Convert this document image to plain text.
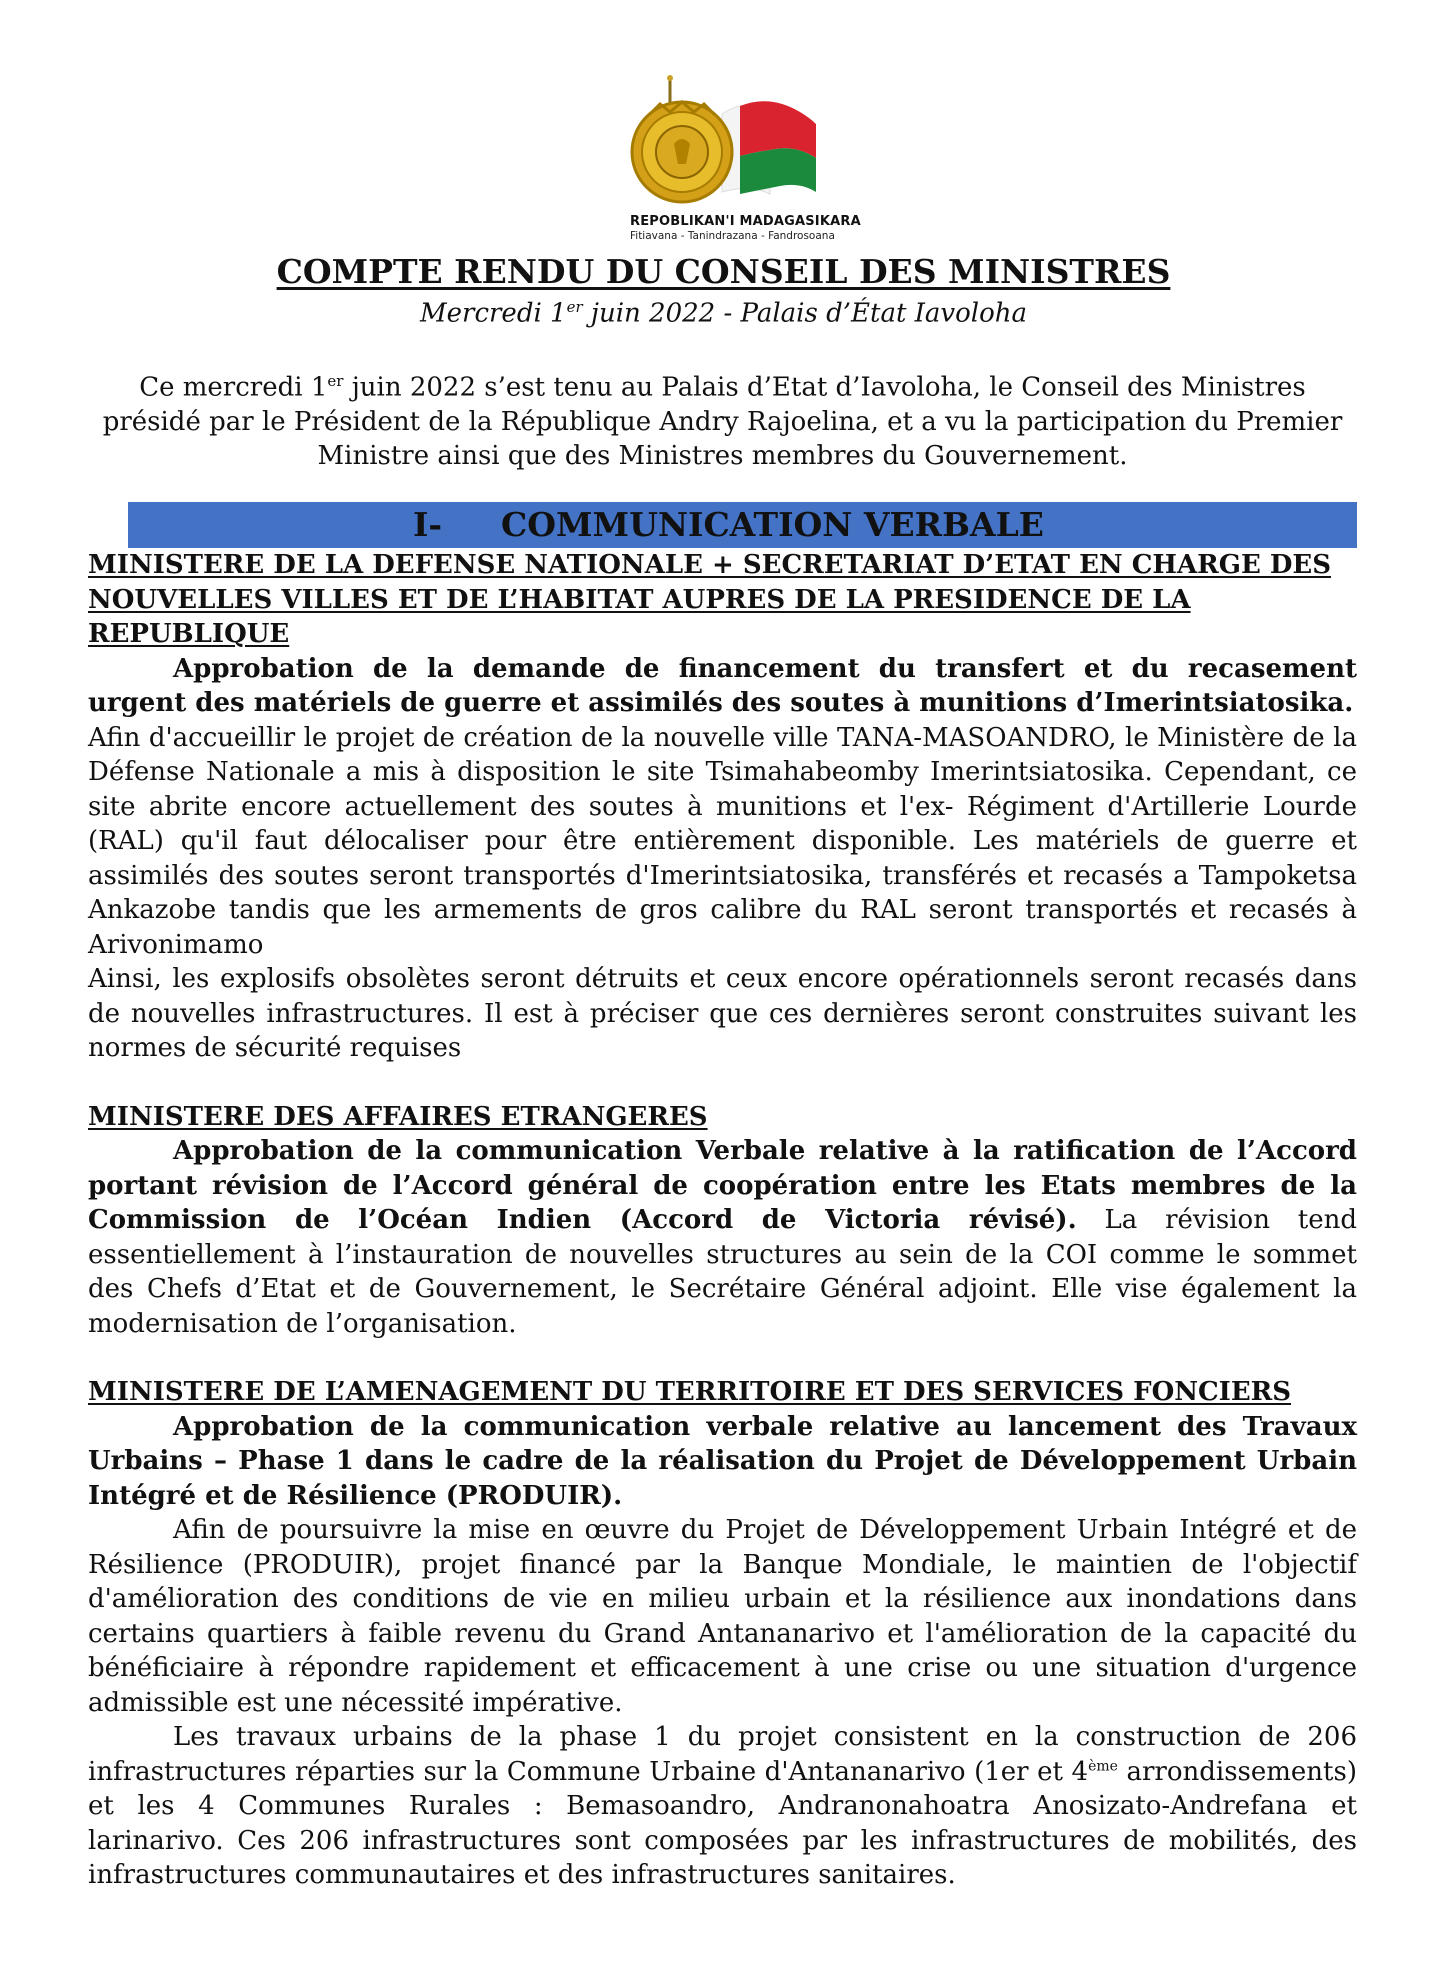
REPOBLIKAN'I MADAGASIKARA
Fitiavana - Tanindrazana - Fandrosoana
COMPTE RENDU DU CONSEIL DES MINISTRES
Mercredi 1er juin 2022 - Palais d’État Iavoloha
Ce mercredi 1er juin 2022 s’est tenu au Palais d’Etat d’Iavoloha, le Conseil des Ministres présidé par le Président de la République Andry Rajoelina, et a vu la participation du Premier Ministre ainsi que des Ministres membres du Gouvernement.
I- COMMUNICATION VERBALE

MINISTERE DE LA DEFENSE NATIONALE + SECRETARIAT D’ETAT EN CHARGE DES NOUVELLES VILLES ET DE L’HABITAT AUPRES DE LA PRESIDENCE DE LA REPUBLIQUE

Approbation de la demande de financement du transfert et du recasement urgent des matériels de guerre et assimilés des soutes à munitions d’Imerintsiatosika.

Afin d'accueillir le projet de création de la nouvelle ville TANA-MASOANDRO, le Ministère de la Défense Nationale a mis à disposition le site Tsimahabeomby Imerintsiatosika. Cependant, ce site abrite encore actuellement des soutes à munitions et l'ex- Régiment d'Artillerie Lourde (RAL) qu'il faut délocaliser pour être entièrement disponible. Les matériels de guerre et assimilés des soutes seront transportés d'Imerintsiatosika, transférés et recasés a Tampoketsa Ankazobe tandis que les armements de gros calibre du RAL seront transportés et recasés à Arivonimamo

Ainsi, les explosifs obsolètes seront détruits et ceux encore opérationnels seront recasés dans de nouvelles infrastructures. Il est à préciser que ces dernières seront construites suivant les normes de sécurité requises

MINISTERE DES AFFAIRES ETRANGERES

Approbation de la communication Verbale relative à la ratification de l’Accord portant révision de l’Accord général de coopération entre les Etats membres de la Commission de l’Océan Indien (Accord de Victoria révisé). La révision tend essentiellement à l’instauration de nouvelles structures au sein de la COI comme le sommet des Chefs d’Etat et de Gouvernement, le Secrétaire Général adjoint. Elle vise également la modernisation de l’organisation.

MINISTERE DE L’AMENAGEMENT DU TERRITOIRE ET DES SERVICES FONCIERS

Approbation de la communication verbale relative au lancement des Travaux Urbains – Phase 1 dans le cadre de la réalisation du Projet de Développement Urbain Intégré et de Résilience (PRODUIR).

Afin de poursuivre la mise en œuvre du Projet de Développement Urbain Intégré et de Résilience (PRODUIR), projet financé par la Banque Mondiale, le maintien de l'objectif d'amélioration des conditions de vie en milieu urbain et la résilience aux inondations dans certains quartiers à faible revenu du Grand Antananarivo et l'amélioration de la capacité du bénéficiaire à répondre rapidement et efficacement à une crise ou une situation d'urgence admissible est une nécessité impérative.

Les travaux urbains de la phase 1 du projet consistent en la construction de 206 infrastructures réparties sur la Commune Urbaine d'Antananarivo (1er et 4ème arrondissements) et les 4 Communes Rurales : Bemasoandro, Andranonahoatra Anosizato-Andrefana et larinarivo. Ces 206 infrastructures sont composées par les infrastructures de mobilités, des infrastructures communautaires et des infrastructures sanitaires.
